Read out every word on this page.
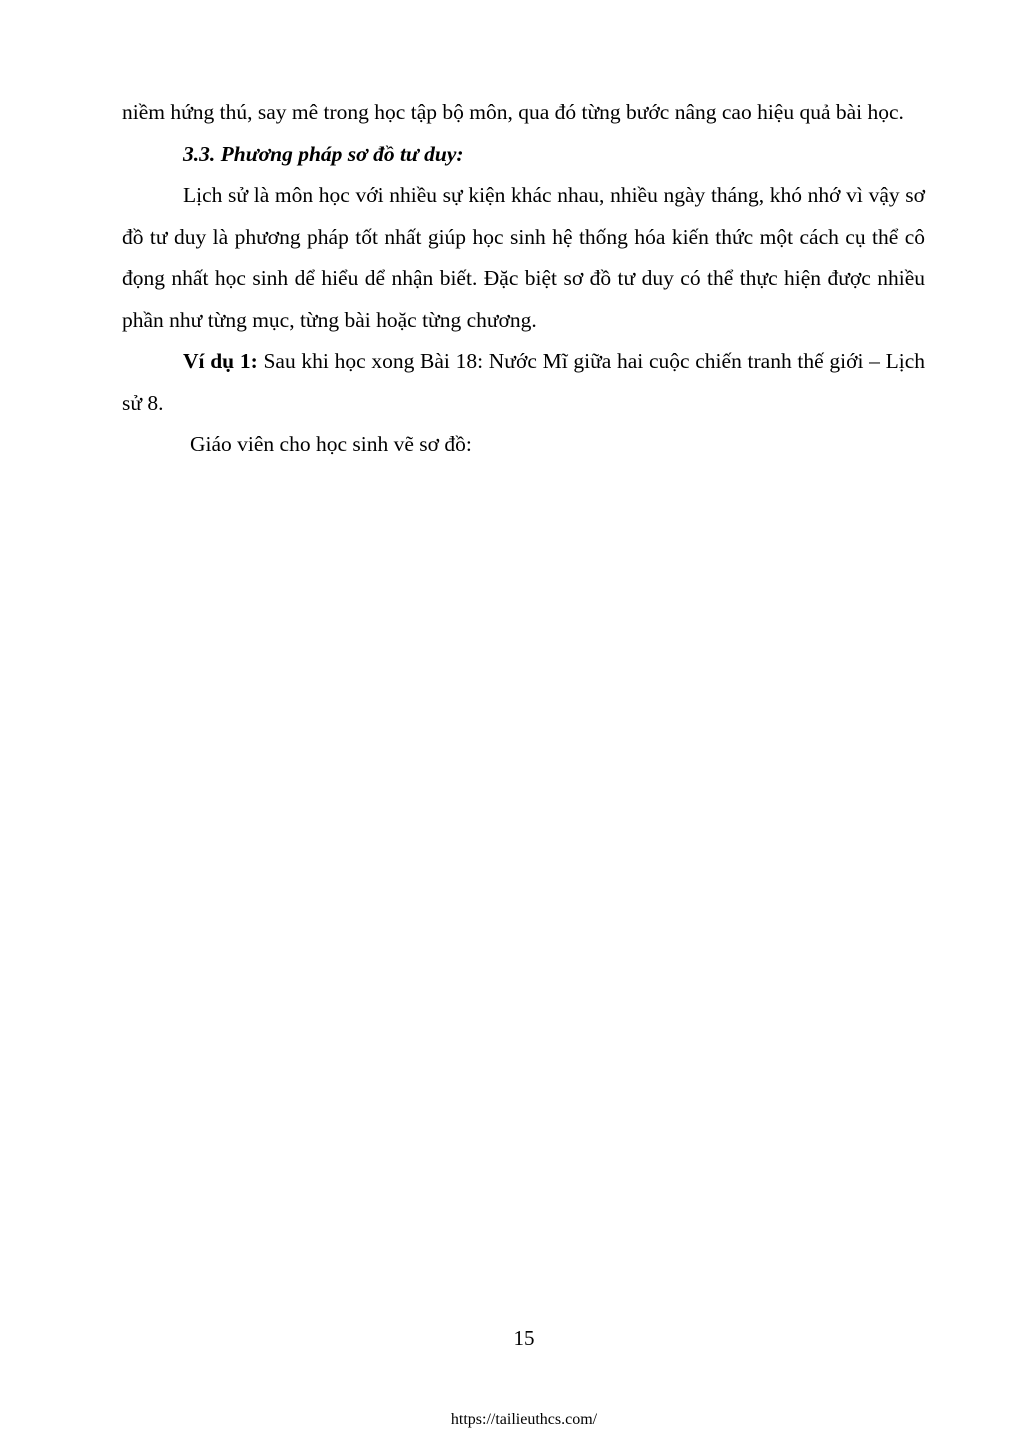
niềm hứng thú, say mê trong học tập bộ môn, qua đó từng bước nâng cao hiệu quả bài học.

3.3. Phương pháp sơ đồ tư duy:

Lịch sử là môn học với nhiều sự kiện khác nhau, nhiều ngày tháng, khó nhớ vì vậy sơ đồ tư duy là phương pháp tốt nhất giúp học sinh hệ thống hóa kiến thức một cách cụ thể cô đọng nhất học sinh dể hiểu dể nhận biết. Đặc biệt sơ đồ tư duy có thể thực hiện được nhiều phần như từng mục, từng bài hoặc từng chương.

Ví dụ 1: Sau khi học xong Bài 18: Nước Mĩ giữa hai cuộc chiến tranh thế giới – Lịch sử 8.

Giáo viên cho học sinh vẽ sơ đồ:

15
https://tailieuthcs.com/
